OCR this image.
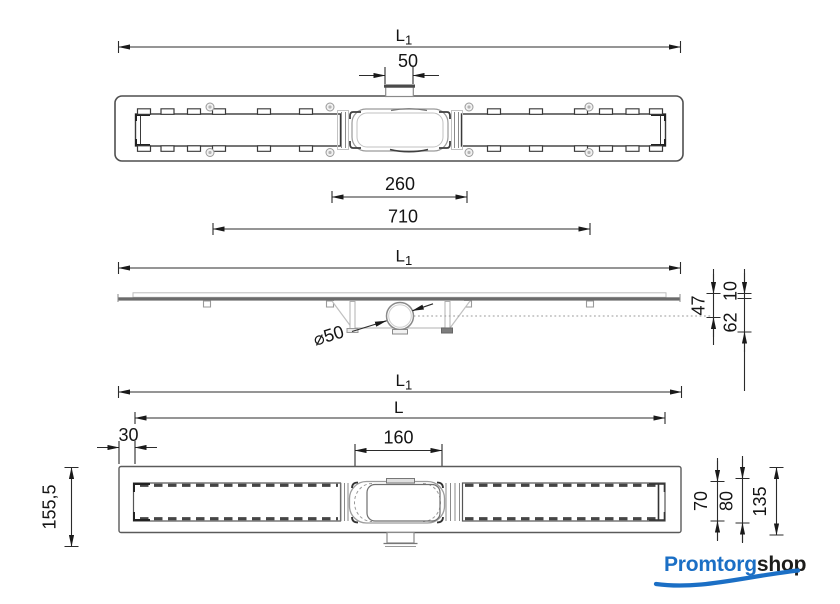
$L_1$
50
260
710
$L_1$
⌀50
47
10
62
$L_1$
L
30	160
155,5	70 80 135
Promtorgshop
